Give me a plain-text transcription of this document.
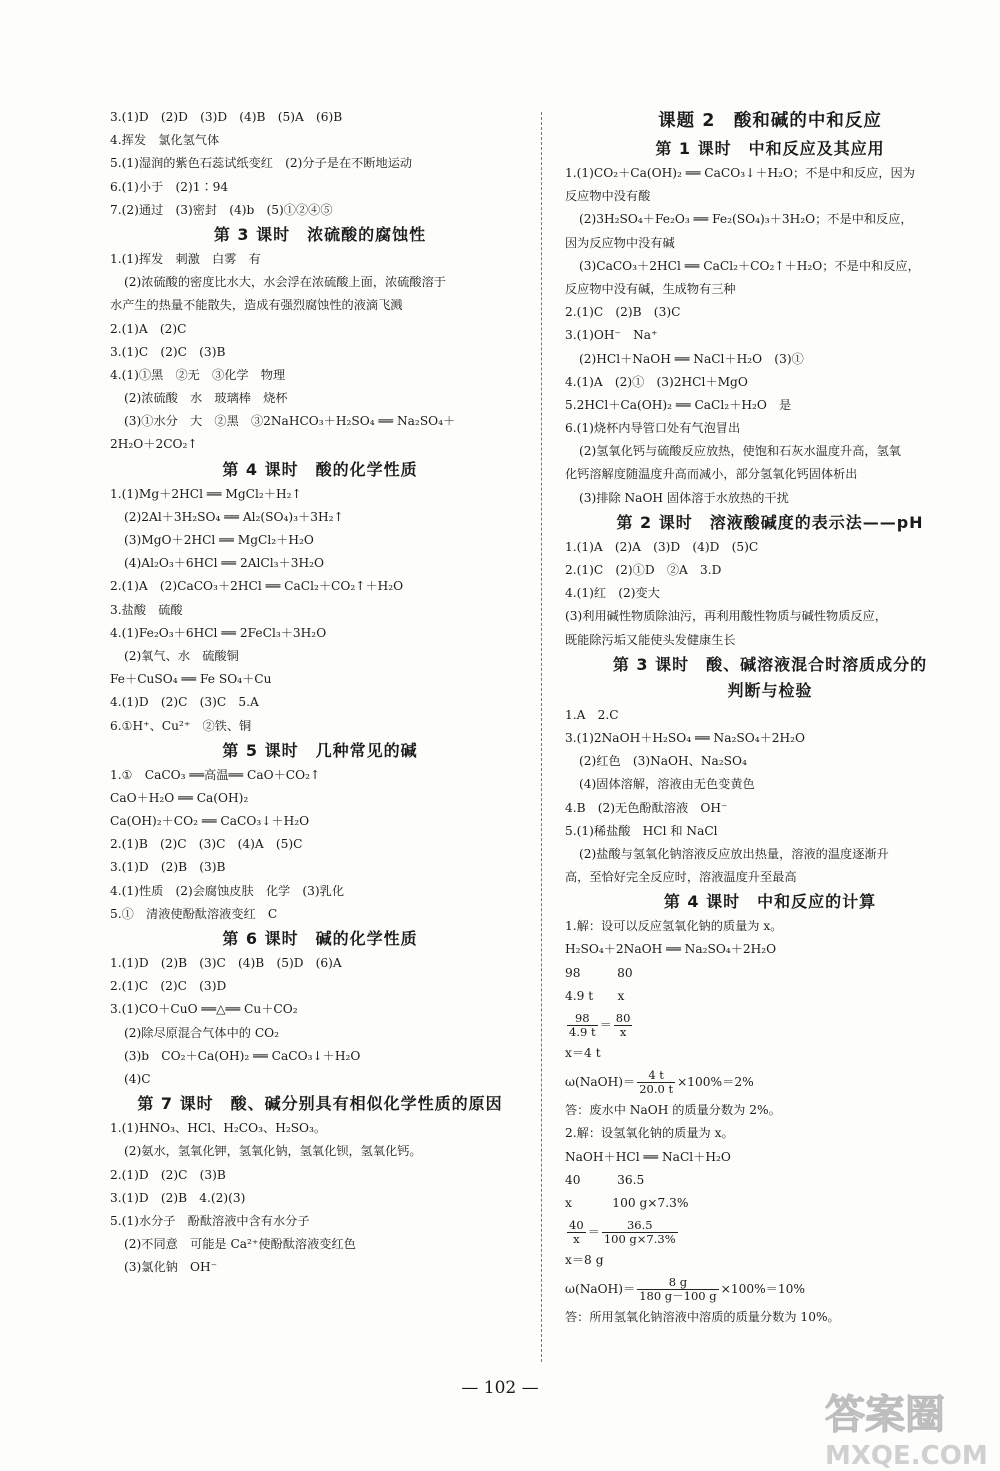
3.(1)D　(2)D　(3)D　(4)B　(5)A　(6)B
4.挥发　氯化氢气体
5.(1)湿润的紫色石蕊试纸变红　(2)分子是在不断地运动
6.(1)小于　(2)1∶94
7.(2)通过　(3)密封　(4)b　(5)①②④⑤
第 3 课时　浓硫酸的腐蚀性
1.(1)挥发　刺激　白雾　有
(2)浓硫酸的密度比水大，水会浮在浓硫酸上面，浓硫酸溶于
水产生的热量不能散失，造成有强烈腐蚀性的液滴飞溅
2.(1)A　(2)C
3.(1)C　(2)C　(3)B
4.(1)①黑　②无　③化学　物理
(2)浓硫酸　水　玻璃棒　烧杯
(3)①水分　大　②黑　③2NaHCO₃＋H₂SO₄ ══ Na₂SO₄＋
2H₂O＋2CO₂↑
第 4 课时　酸的化学性质
1.(1)Mg＋2HCl ══ MgCl₂＋H₂↑
(2)2Al＋3H₂SO₄ ══ Al₂(SO₄)₃＋3H₂↑
(3)MgO＋2HCl ══ MgCl₂＋H₂O
(4)Al₂O₃＋6HCl ══ 2AlCl₃＋3H₂O
2.(1)A　(2)CaCO₃＋2HCl ══ CaCl₂＋CO₂↑＋H₂O
3.盐酸　硫酸
4.(1)Fe₂O₃＋6HCl ══ 2FeCl₃＋3H₂O
(2)氧气、水　硫酸铜
Fe＋CuSO₄ ══ Fe SO₄＋Cu
4.(1)D　(2)C　(3)C　5.A
6.①H⁺、Cu²⁺　②铁、铜
第 5 课时　几种常见的碱
1.①　CaCO₃ ══高温══ CaO＋CO₂↑
CaO＋H₂O ══ Ca(OH)₂
Ca(OH)₂＋CO₂ ══ CaCO₃↓＋H₂O
2.(1)B　(2)C　(3)C　(4)A　(5)C
3.(1)D　(2)B　(3)B
4.(1)性质　(2)会腐蚀皮肤　化学　(3)乳化
5.①　清液使酚酞溶液变红　C
第 6 课时　碱的化学性质
1.(1)D　(2)B　(3)C　(4)B　(5)D　(6)A
2.(1)C　(2)C　(3)D
3.(1)CO＋CuO ══△══ Cu＋CO₂
(2)除尽原混合气体中的 CO₂
(3)b　CO₂＋Ca(OH)₂ ══ CaCO₃↓＋H₂O
(4)C
第 7 课时　酸、碱分别具有相似化学性质的原因
1.(1)HNO₃、HCl、H₂CO₃、H₂SO₃。
(2)氨水，氢氧化钾，氢氧化钠，氢氧化钡，氢氧化钙。
2.(1)D　(2)C　(3)B
3.(1)D　(2)B　4.(2)(3)
5.(1)水分子　酚酞溶液中含有水分子
(2)不同意　可能是 Ca²⁺使酚酞溶液变红色
(3)氯化钠　OH⁻
课题 2　酸和碱的中和反应
第 1 课时　中和反应及其应用
1.(1)CO₂＋Ca(OH)₂ ══ CaCO₃↓＋H₂O；不是中和反应，因为
反应物中没有酸
(2)3H₂SO₄＋Fe₂O₃ ══ Fe₂(SO₄)₃＋3H₂O；不是中和反应，
因为反应物中没有碱
(3)CaCO₃＋2HCl ══ CaCl₂＋CO₂↑＋H₂O；不是中和反应，
反应物中没有碱，生成物有三种
2.(1)C　(2)B　(3)C
3.(1)OH⁻　Na⁺
(2)HCl＋NaOH ══ NaCl＋H₂O　(3)①
4.(1)A　(2)①　(3)2HCl＋MgO
5.2HCl＋Ca(OH)₂ ══ CaCl₂＋H₂O　是
6.(1)烧杯内导管口处有气泡冒出
(2)氢氧化钙与硫酸反应放热，使饱和石灰水温度升高，氢氧
化钙溶解度随温度升高而减小，部分氢氧化钙固体析出
(3)排除 NaOH 固体溶于水放热的干扰
第 2 课时　溶液酸碱度的表示法——pH
1.(1)A　(2)A　(3)D　(4)D　(5)C
2.(1)C　(2)①D　②A　3.D
4.(1)红　(2)变大
(3)利用碱性物质除油污，再利用酸性物质与碱性物质反应，
既能除污垢又能使头发健康生长
第 3 课时　酸、碱溶液混合时溶质成分的
判断与检验
1.A　2.C
3.(1)2NaOH＋H₂SO₄ ══ Na₂SO₄＋2H₂O
(2)红色　(3)NaOH、Na₂SO₄
(4)固体溶解，溶液由无色变黄色
4.B　(2)无色酚酞溶液　OH⁻
5.(1)稀盐酸　HCl 和 NaCl
(2)盐酸与氢氧化钠溶液反应放出热量，溶液的温度逐渐升
高，至恰好完全反应时，溶液温度升至最高
第 4 课时　中和反应的计算
1.解：设可以反应氢氧化钠的质量为 x。
H₂SO₄＋2NaOH ══ Na₂SO₄＋2H₂O
98　　　80
4.9 t　　x
$\frac{98}{4.9 t} = \frac{80}{x}$
x＝4 t
ω(NaOH)＝ $\frac{4 t}{20.0 t} \times 100\%=2\%$
答：废水中 NaOH 的质量分数为 2%。
2.解：设氢氧化钠的质量为 x。
NaOH＋HCl ══ NaCl＋H₂O
40　　　36.5
x　　　 100 g×7.3%
$\frac{40}{x} = \frac{36.5}{100 g\times 7.3\%}$
x＝8 g
ω(NaOH)＝ $\frac{8 g}{180 g-100 g} \times 100\%=10\%$
答：所用氢氧化钠溶液中溶质的质量分数为 10%。
— 102 —
答案圈
MXQE.COM
